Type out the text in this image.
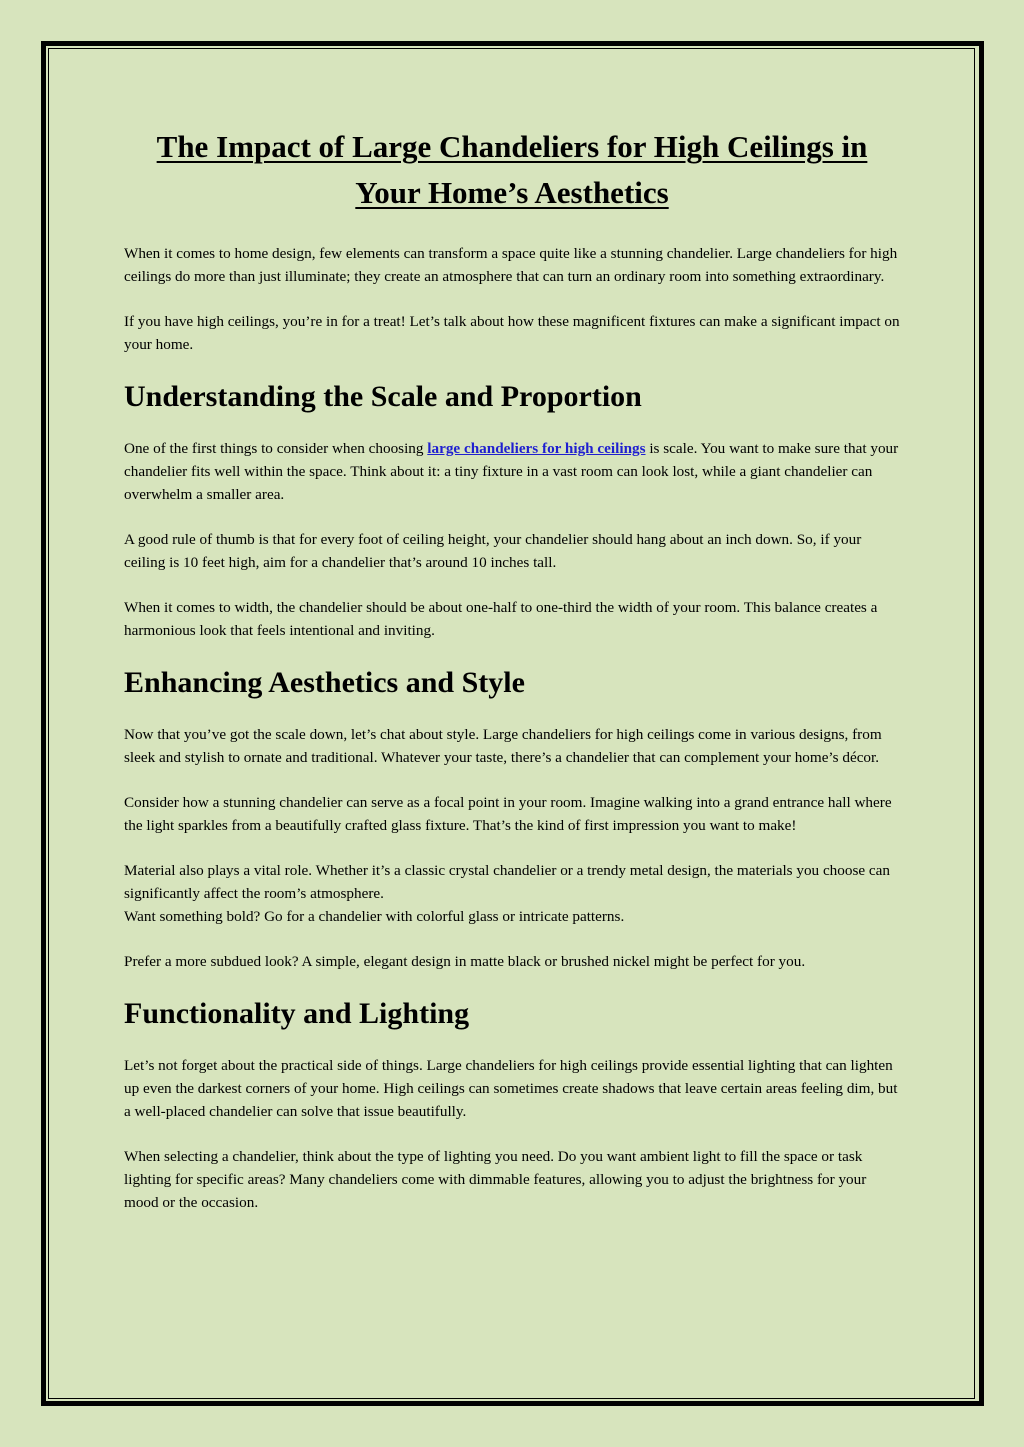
The Impact of Large Chandeliers for High Ceilings in Your Home’s Aesthetics

When it comes to home design, few elements can transform a space quite like a stunning chandelier. Large chandeliers for high ceilings do more than just illuminate; they create an atmosphere that can turn an ordinary room into something extraordinary.

If you have high ceilings, you’re in for a treat! Let’s talk about how these magnificent fixtures can make a significant impact on your home.

Understanding the Scale and Proportion

One of the first things to consider when choosing large chandeliers for high ceilings is scale. You want to make sure that your chandelier fits well within the space. Think about it: a tiny fixture in a vast room can look lost, while a giant chandelier can overwhelm a smaller area.

A good rule of thumb is that for every foot of ceiling height, your chandelier should hang about an inch down. So, if your ceiling is 10 feet high, aim for a chandelier that’s around 10 inches tall.

When it comes to width, the chandelier should be about one-half to one-third the width of your room. This balance creates a harmonious look that feels intentional and inviting.

Enhancing Aesthetics and Style

Now that you’ve got the scale down, let’s chat about style. Large chandeliers for high ceilings come in various designs, from sleek and stylish to ornate and traditional. Whatever your taste, there’s a chandelier that can complement your home’s décor.

Consider how a stunning chandelier can serve as a focal point in your room. Imagine walking into a grand entrance hall where the light sparkles from a beautifully crafted glass fixture. That’s the kind of first impression you want to make!

Material also plays a vital role. Whether it’s a classic crystal chandelier or a trendy metal design, the materials you choose can significantly affect the room’s atmosphere.

Want something bold? Go for a chandelier with colorful glass or intricate patterns.

Prefer a more subdued look? A simple, elegant design in matte black or brushed nickel might be perfect for you.

Functionality and Lighting

Let’s not forget about the practical side of things. Large chandeliers for high ceilings provide essential lighting that can lighten up even the darkest corners of your home. High ceilings can sometimes create shadows that leave certain areas feeling dim, but a well-placed chandelier can solve that issue beautifully.

When selecting a chandelier, think about the type of lighting you need. Do you want ambient light to fill the space or task lighting for specific areas? Many chandeliers come with dimmable features, allowing you to adjust the brightness for your mood or the occasion.
